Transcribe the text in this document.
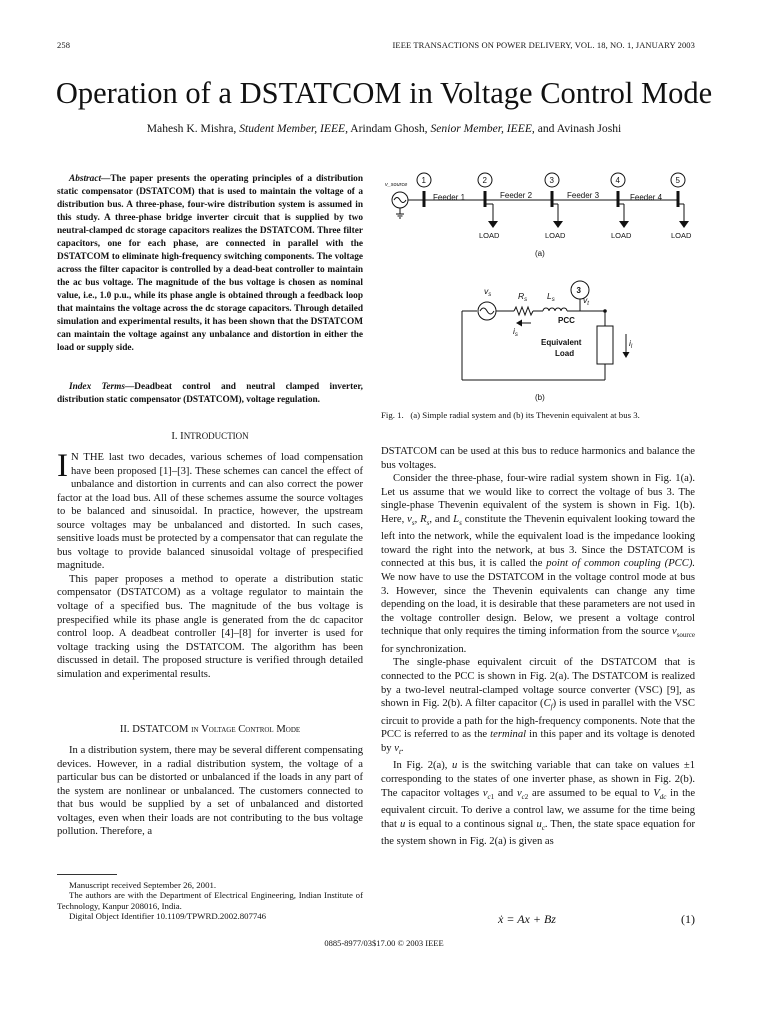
258	IEEE TRANSACTIONS ON POWER DELIVERY, VOL. 18, NO. 1, JANUARY 2003
Operation of a DSTATCOM in Voltage Control Mode
Mahesh K. Mishra, Student Member, IEEE, Arindam Ghosh, Senior Member, IEEE, and Avinash Joshi
Abstract—The paper presents the operating principles of a distribution static compensator (DSTATCOM) that is used to maintain the voltage of a distribution bus. A three-phase, four-wire distribution system is assumed in this study. A three-phase bridge inverter circuit that is supplied by two neutral-clamped dc storage capacitors realizes the DSTATCOM. Three filter capacitors, one for each phase, are connected in parallel with the DSTATCOM to eliminate high-frequency switching components. The voltage across the filter capacitor is controlled by a dead-beat controller to maintain the ac bus voltage. The magnitude of the bus voltage is chosen as nominal value, i.e., 1.0 p.u., while its phase angle is obtained through a feedback loop that maintains the voltage across the dc storage capacitors. Through detailed simulation and experimental results, it has been shown that the DSTATCOM can maintain the voltage against any unbalance and distortion in either the load or supply side.
Index Terms—Deadbeat control and neutral clamped inverter, distribution static compensator (DSTATCOM), voltage regulation.
v_source 1	2	3	4	5
Feeder 1	Feeder 2	Feeder 3	Feeder 4
LOAD	LOAD	LOAD	LOAD
(a)
$v_s$	$R_s$ $L_s$	$v_t$
$i_s$
$i_l$
3
PCC
Equivalent
Load
(b)
Fig. 1. (a) Simple radial system and (b) its Thevenin equivalent at bus 3.
I. INTRODUCTION

I N THE last two decades, various schemes of load compensation have been proposed [1]–[3]. These schemes can cancel the effect of unbalance and distortion in currents and can also correct the power factor at the load bus. All of these schemes assume the source voltages to be balanced and sinusoidal. In practice, however, the upstream source voltages may be unbalanced and distorted. In such cases, sensitive loads must be protected by a compensator that can regulate the bus voltage to provide balanced sinusoidal voltage of prespecified magnitude.

This paper proposes a method to operate a distribution static compensator (DSTATCOM) as a voltage regulator to maintain the voltage of a specified bus. The magnitude of the bus voltage is prespecified while its phase angle is generated from the dc capacitor control loop. A deadbeat controller [4]–[8] for inverter is used for voltage tracking using the DSTATCOM. The algorithm has been discussed in detail. The proposed structure is verified through detailed simulation and experimental results.

II. DSTATCOM in Voltage Control Mode

In a distribution system, there may be several different compensating devices. However, in a radial distribution system, the voltage of a particular bus can be distorted or unbalanced if the loads in any part of the system are nonlinear or unbalanced. The customers connected to that bus would be supplied by a set of unbalanced and distorted voltages, even when their loads are not contributing to the bus voltage pollution. Therefore, a

DSTATCOM can be used at this bus to reduce harmonics and balance the bus voltages.

Consider the three-phase, four-wire radial system shown in Fig. 1(a). Let us assume that we would like to correct the voltage of bus 3. The single-phase Thevenin equivalent of the system is shown in Fig. 1(b). Here, $v_s$, $R_s$, and $L_s$ constitute the Thevenin equivalent looking toward the left into the network, while the equivalent load is the impedance looking toward the right into the network, at bus 3. Since the DSTATCOM is connected at this bus, it is called the point of common coupling (PCC). We now have to use the DSTATCOM in the voltage control mode at bus 3. However, since the Thevenin equivalents can change any time depending on the load, it is desirable that these parameters are not used in the voltage controller design. Below, we present a voltage control technique that only requires the timing information from the source $v_{source}$ for synchronization.

The single-phase equivalent circuit of the DSTATCOM that is connected to the PCC is shown in Fig. 2(a). The DSTATCOM is realized by a two-level neutral-clamped voltage source converter (VSC) [9], as shown in Fig. 2(b). A filter capacitor $(C_f)$ is used in parallel with the VSC circuit to provide a path for the high-frequency components. Note that the PCC is referred to as the terminal in this paper and its voltage is denoted by $v_t$.

In Fig. 2(a), u is the switching variable that can take on values ±1 corresponding to the states of one inverter phase, as shown in Fig. 2(b). The capacitor voltages $v_{c1}$ and $v_{c2}$ are assumed to be equal to $V_{dc}$ in the equivalent circuit. To derive a control law, we assume for the time being that u is equal to a continous signal $u_c$. Then, the state space equation for the system shown in Fig. 2(a) is given as

ẋ = Ax + Bz	(1)
Manuscript received September 26, 2001.
The authors are with the Department of Electrical Engineering, Indian Institute of Technology, Kanpur 208016, India.
Digital Object Identifier 10.1109/TPWRD.2002.807746
0885-8977/03$17.00 © 2003 IEEE
